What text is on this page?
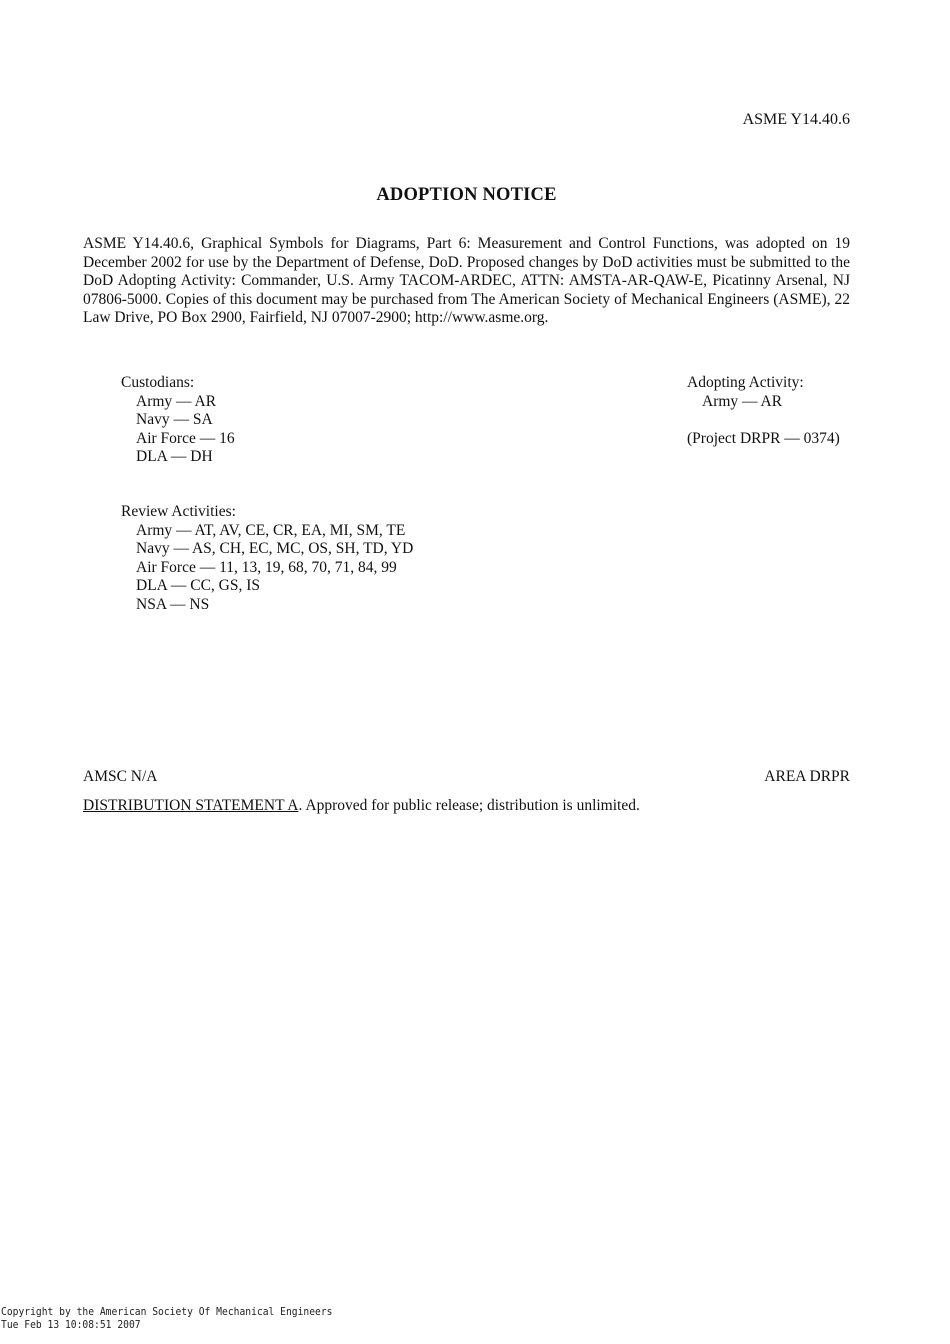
ASME Y14.40.6
ADOPTION NOTICE

ASME Y14.40.6, Graphical Symbols for Diagrams, Part 6: Measurement and Control Functions, was adopted on 19 December 2002 for use by the Department of Defense, DoD. Proposed changes by DoD activities must be submitted to the DoD Adopting Activity: Commander, U.S. Army TACOM-ARDEC, ATTN: AMSTA-AR-QAW-E, Picatinny Arsenal, NJ 07806-5000. Copies of this document may be purchased from The American Society of Mechanical Engineers (ASME), 22 Law Drive, PO Box 2900, Fairfield, NJ 07007-2900; http://www.asme.org.

Custodians:
Army — AR
Navy — SA
Air Force — 16
DLA — DH
Adopting Activity:
Army — AR
(Project DRPR — 0374)
Review Activities:
Army — AT, AV, CE, CR, EA, MI, SM, TE
Navy — AS, CH, EC, MC, OS, SH, TD, YD
Air Force — 11, 13, 19, 68, 70, 71, 84, 99
DLA — CC, GS, IS
NSA — NS
AMSC N/A	AREA DRPR
DISTRIBUTION STATEMENT A. Approved for public release; distribution is unlimited.
Copyright by the American Society Of Mechanical Engineers
Tue Feb 13 10:08:51 2007
